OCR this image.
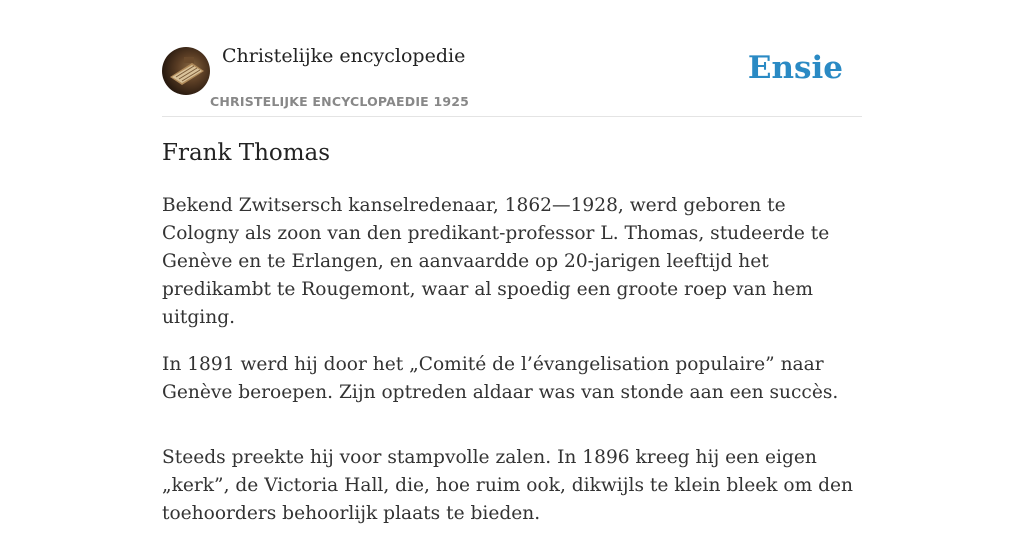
Christelijke encyclopedie
CHRISTELIJKE ENCYCLOPAEDIE 1925
Ensie
Frank Thomas

Bekend Zwitsersch kanselredenaar, 1862—1928, werd geboren te Cologny als zoon van den predikant-professor L. Thomas, studeerde te Genève en te Erlangen, en aanvaardde op 20-jarigen leeftijd het predikambt te Rougemont, waar al spoedig een groote roep van hem uitging.

In 1891 werd hij door het „Comité de l’évangelisation populaire” naar Genève beroepen. Zijn optreden aldaar was van stonde aan een succès.

Steeds preekte hij voor stampvolle zalen. In 1896 kreeg hij een eigen „kerk”, de Victoria Hall, die, hoe ruim ook, dikwijls te klein bleek om den toehoorders behoorlijk plaats te bieden.
